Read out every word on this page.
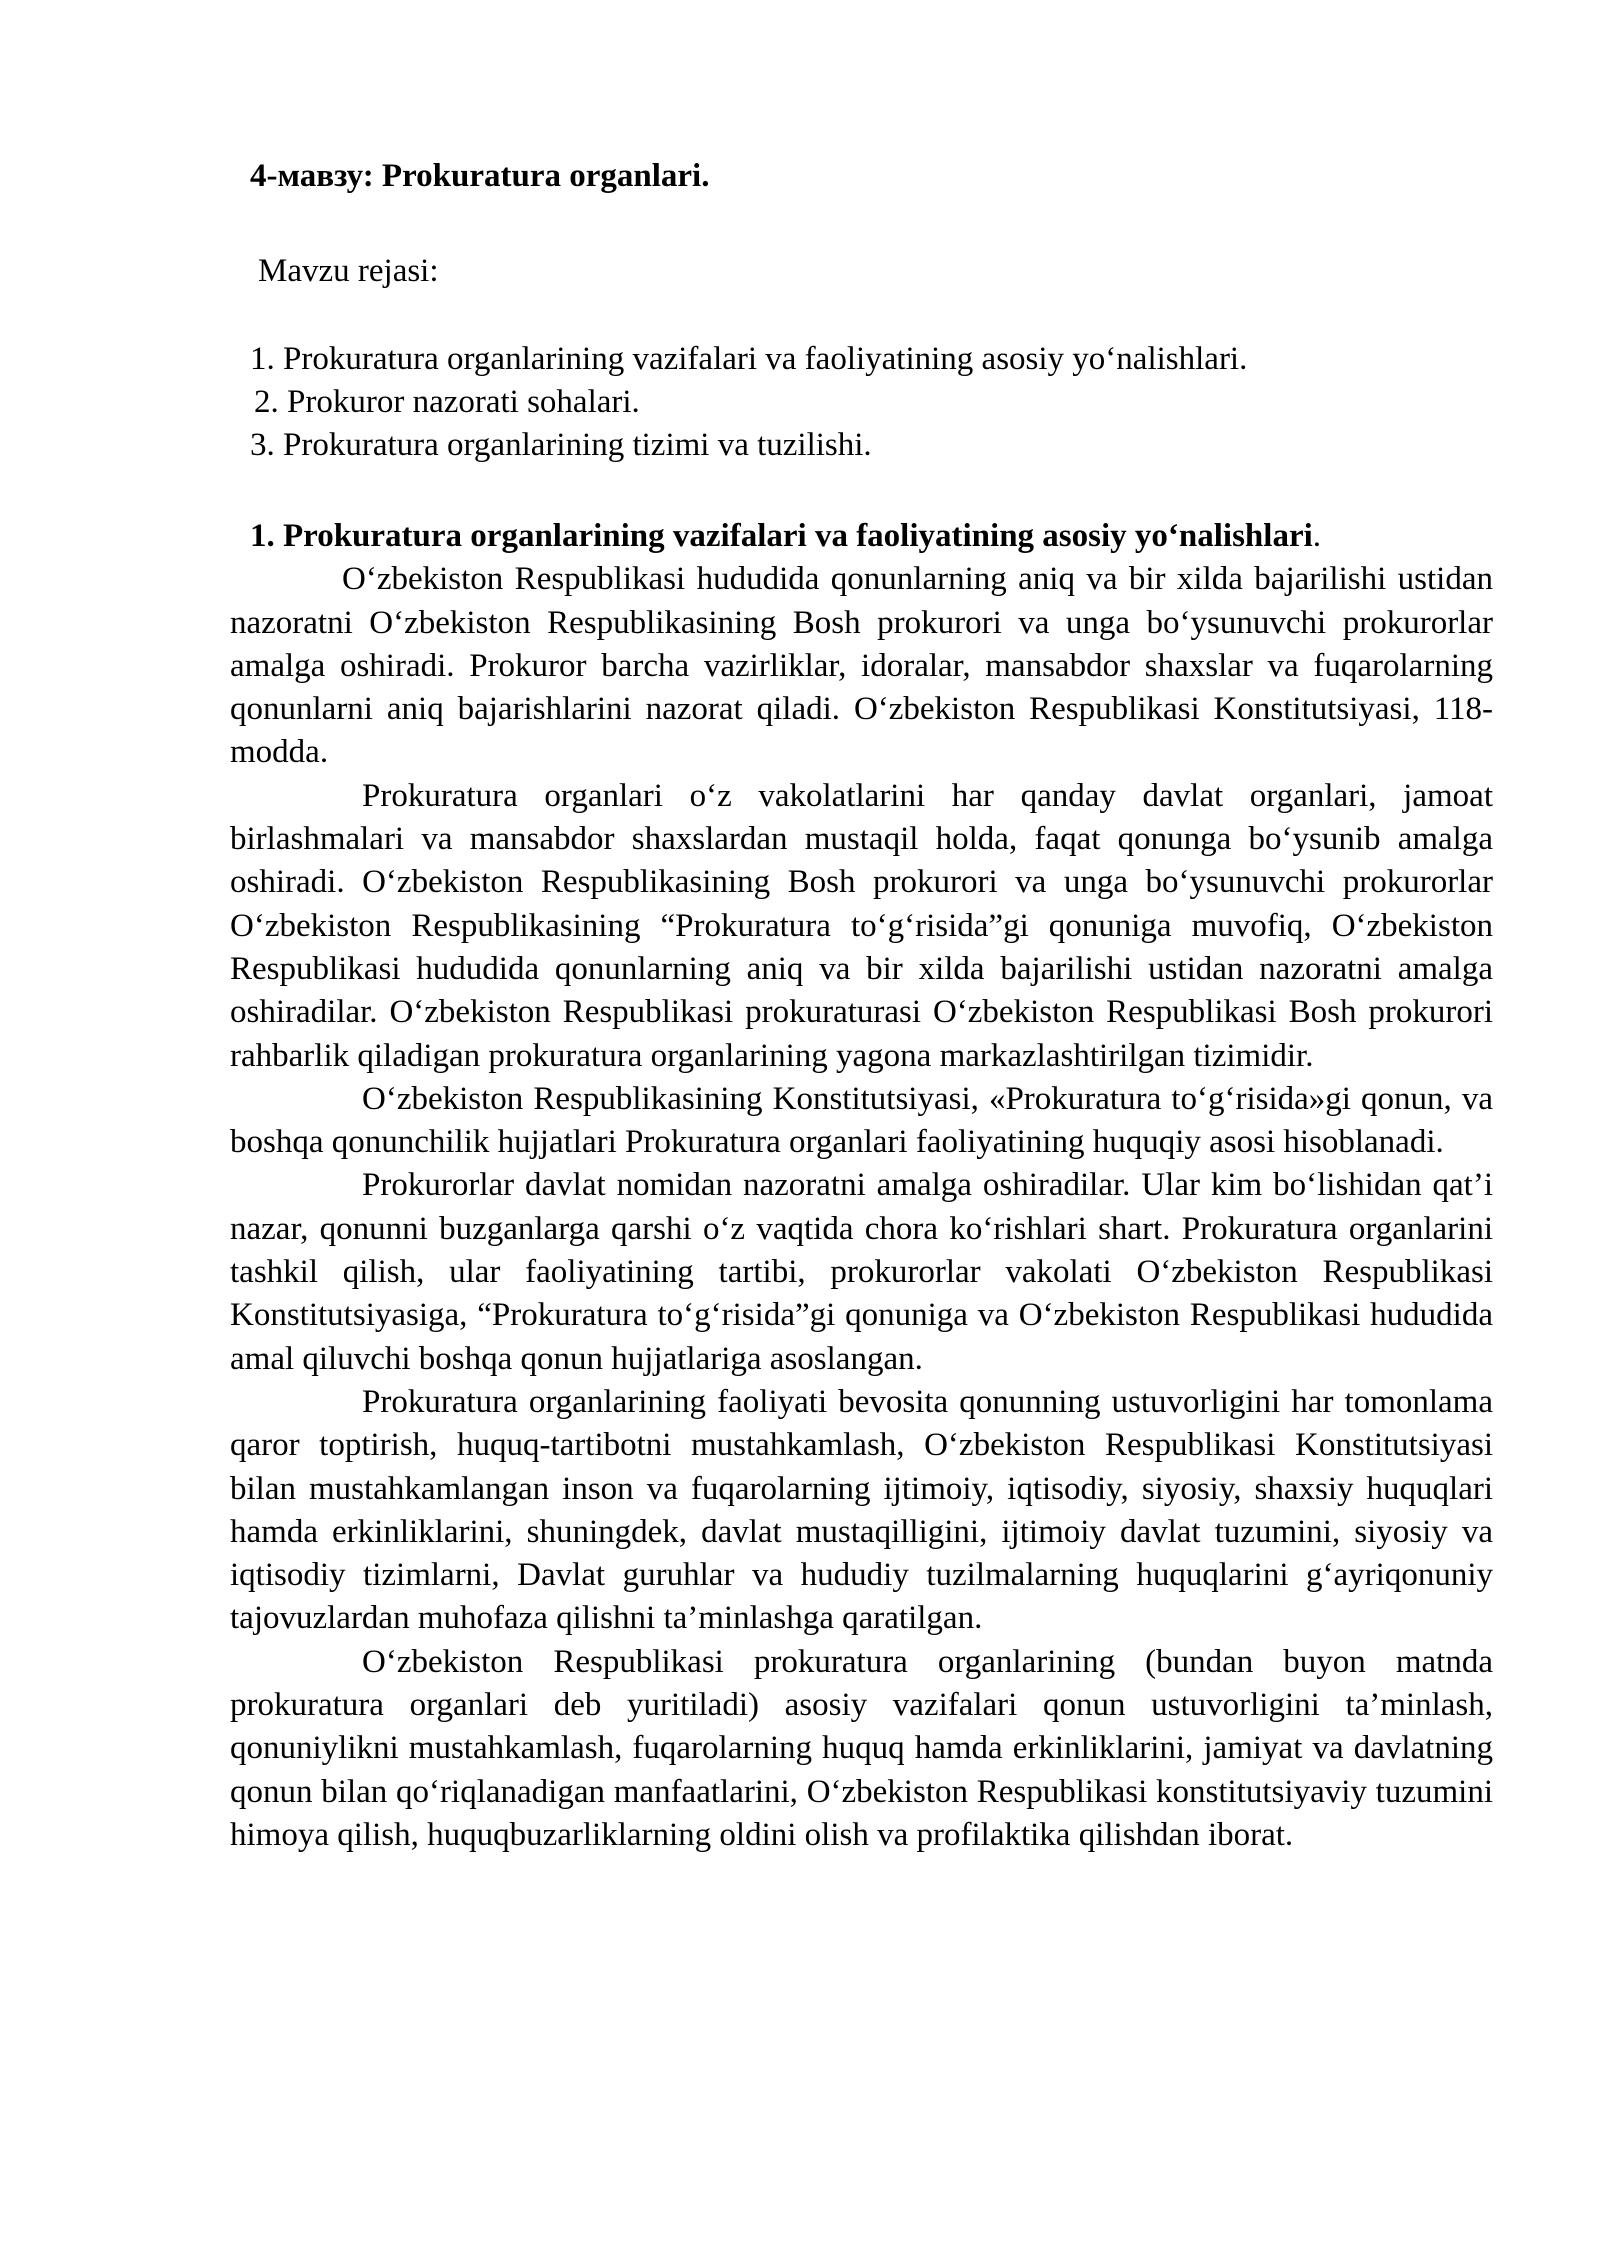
4-мавзу: Prokuratura organlari.

Mavzu rejasi:

1. Prokuratura organlarining vazifalari va faoliyatining asosiy yo‘nalishlari.
2. Prokuror nazorati sohalari.
3. Prokuratura organlarining tizimi va tuzilishi.
1. Prokuratura organlarining vazifalari va faoliyatining asosiy yo‘nalishlari.

O‘zbekiston Respublikasi hududida qonunlarning aniq va bir xilda bajarilishi ustidan nazoratni O‘zbekiston Respublikasining Bosh prokurori va unga bo‘ysunuvchi prokurorlar amalga oshiradi. Prokuror barcha vazirliklar, idoralar, mansabdor shaxslar va fuqarolarning qonunlarni aniq bajarishlarini nazorat qiladi. O‘zbekiston Respublikasi Konstitutsiyasi, 118-modda.

Prokuratura organlari o‘z vakolatlarini har qanday davlat organlari, jamoat birlashmalari va mansabdor shaxslardan mustaqil holda, faqat qonunga bo‘ysunib amalga oshiradi. O‘zbekiston Respublikasining Bosh prokurori va unga bo‘ysunuvchi prokurorlar O‘zbekiston Respublikasining “Prokuratura to‘g‘risida”gi qonuniga muvofiq, O‘zbekiston Respublikasi hududida qonunlarning aniq va bir xilda bajarilishi ustidan nazoratni amalga oshiradilar. O‘zbekiston Respublikasi prokuraturasi O‘zbekiston Respublikasi Bosh prokurori rahbarlik qiladigan prokuratura organlarining yagona markazlashtirilgan tizimidir.

O‘zbekiston Respublikasining Konstitutsiyasi, «Prokuratura to‘g‘risida»gi qonun, va boshqa qonunchilik hujjatlari Prokuratura organlari faoliyatining huquqiy asosi hisoblanadi.

Prokurorlar davlat nomidan nazoratni amalga oshiradilar. Ular kim bo‘lishidan qat’i nazar, qonunni buzganlarga qarshi o‘z vaqtida chora ko‘rishlari shart. Prokuratura organlarini tashkil qilish, ular faoliyatining tartibi, prokurorlar vakolati O‘zbekiston Respublikasi Konstitutsiyasiga, “Prokuratura to‘g‘risida”gi qonuniga va O‘zbekiston Respublikasi hududida amal qiluvchi boshqa qonun hujjatlariga asoslangan.

Prokuratura organlarining faoliyati bevosita qonunning ustuvorligini har tomonlama qaror toptirish, huquq-tartibotni mustahkamlash, O‘zbekiston Respublikasi Konstitutsiyasi bilan mustahkamlangan inson va fuqarolarning ijtimoiy, iqtisodiy, siyosiy, shaxsiy huquqlari hamda erkinliklarini, shuningdek, davlat mustaqilligini, ijtimoiy davlat tuzumini, siyosiy va iqtisodiy tizimlarni, Davlat guruhlar va hududiy tuzilmalarning huquqlarini g‘ayriqonuniy tajovuzlardan muhofaza qilishni ta’minlashga qaratilgan.

O‘zbekiston Respublikasi prokuratura organlarining (bundan buyon matnda prokuratura organlari deb yuritiladi) asosiy vazifalari qonun ustuvorligini ta’minlash, qonuniylikni mustahkamlash, fuqarolarning huquq hamda erkinliklarini, jamiyat va davlatning qonun bilan qo‘riqlanadigan manfaatlarini, O‘zbekiston Respublikasi konstitutsiyaviy tuzumini himoya qilish, huquqbuzarliklarning oldini olish va profilaktika qilishdan iborat.
